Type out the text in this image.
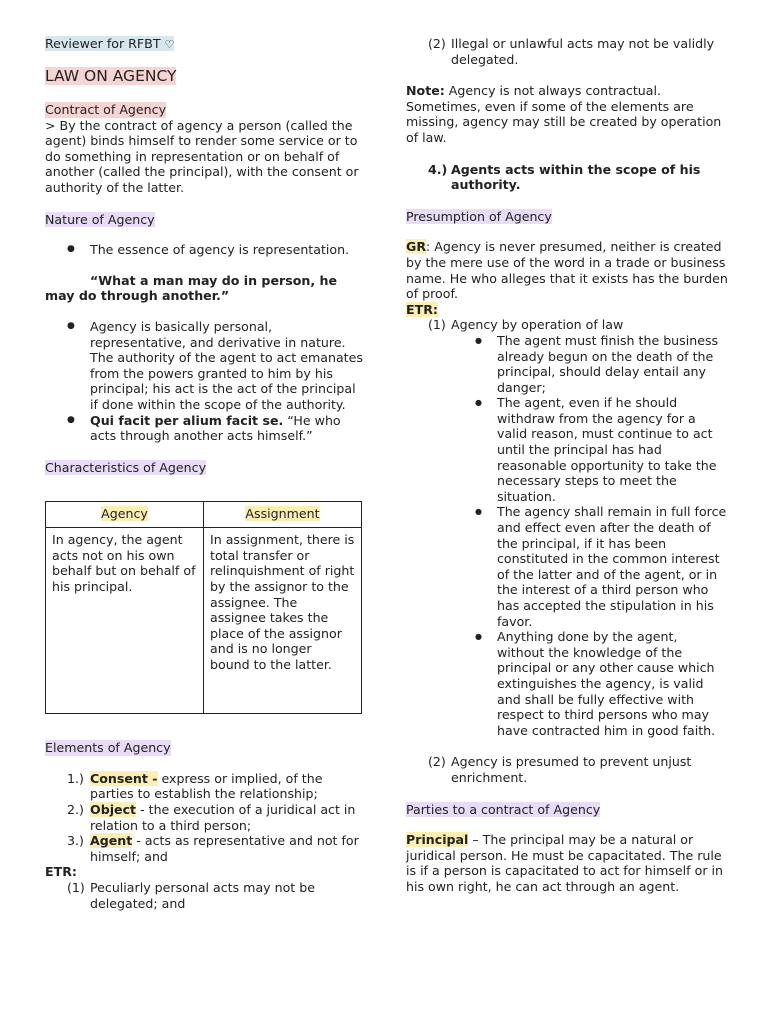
Reviewer for RFBT ♡

LAW ON AGENCY

Contract of Agency

> By the contract of agency a person (called the agent) binds himself to render some service or to do something in representation or on behalf of another (called the principal), with the consent or authority of the latter.

Nature of Agency

● The essence of agency is representation.

“What a man may do in person, he may do through another.”

● Agency is basically personal, representative, and derivative in nature. The authority of the agent to act emanates from the powers granted to him by his principal; his act is the act of the principal if done within the scope of the authority.
● Qui facit per alium facit se. “He who acts through another acts himself.”

Characteristics of Agency

Agency	Assignment
In agency, the agent acts not on his own behalf but on behalf of his principal.	In assignment, there is total transfer or relinquishment of right by the assignor to the assignee. The assignee takes the place of the assignor and is no longer bound to the latter.

Elements of Agency

1.) Consent - express or implied, of the parties to establish the relationship;

2.) Object - the execution of a juridical act in relation to a third person;

3.) Agent - acts as representative and not for himself; and

ETR:

(1) Peculiarly personal acts may not be delegated; and

(2) Illegal or unlawful acts may not be validly delegated.

Note: Agency is not always contractual. Sometimes, even if some of the elements are missing, agency may still be created by operation of law.

4.) Agents acts within the scope of his authority.

Presumption of Agency

GR: Agency is never presumed, neither is created by the mere use of the word in a trade or business name. He who alleges that it exists has the burden of proof.

ETR:

(1) Agency by operation of law

● The agent must finish the business already begun on the death of the principal, should delay entail any danger;
● The agent, even if he should withdraw from the agency for a valid reason, must continue to act until the principal has had reasonable opportunity to take the necessary steps to meet the situation.
● The agency shall remain in full force and effect even after the death of the principal, if it has been constituted in the common interest of the latter and of the agent, or in the interest of a third person who has accepted the stipulation in his favor.
● Anything done by the agent, without the knowledge of the principal or any other cause which extinguishes the agency, is valid and shall be fully effective with respect to third persons who may have contracted him in good faith.

(2) Agency is presumed to prevent unjust enrichment.

Parties to a contract of Agency

Principal – The principal may be a natural or juridical person. He must be capacitated. The rule is if a person is capacitated to act for himself or in his own right, he can act through an agent.
